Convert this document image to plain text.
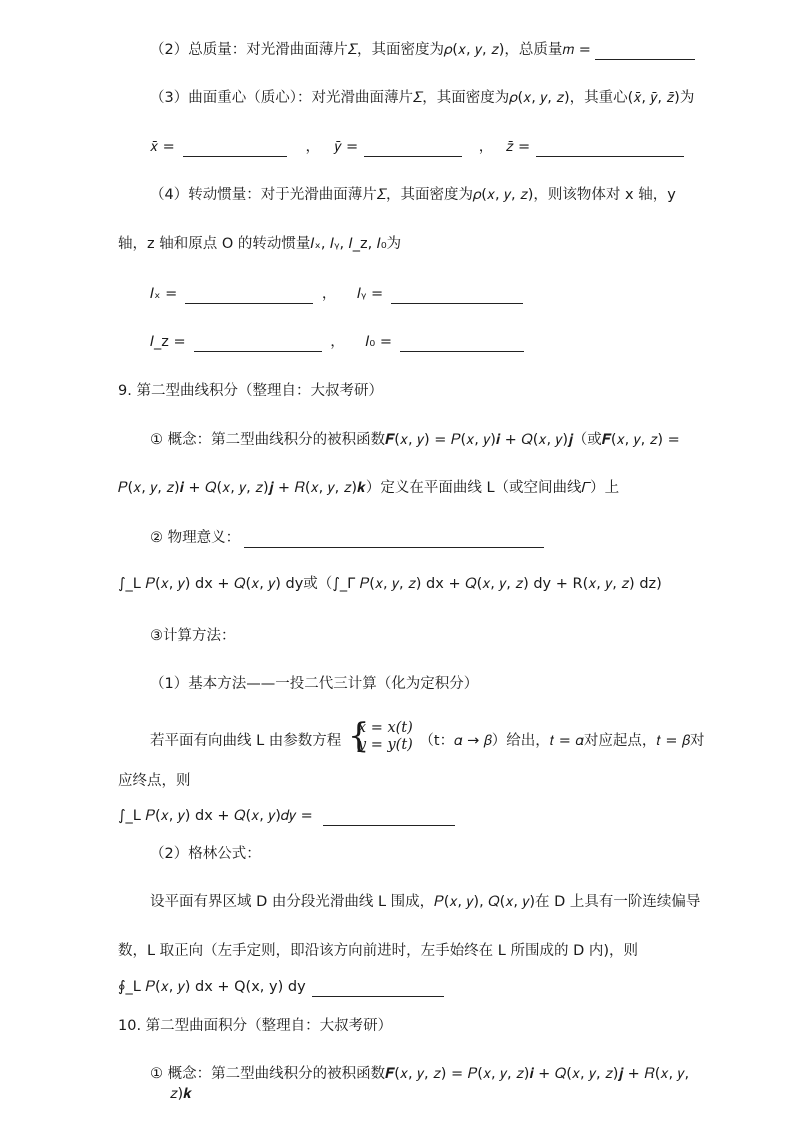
（2）总质量：对光滑曲面薄片𝛴，其面密度为𝜌(𝑥, 𝑦, 𝑧)，总质量𝑚 =
（3）曲面重心（质心）：对光滑曲面薄片𝛴，其面密度为𝜌(𝑥, 𝑦, 𝑧)，其重心(𝑥̄, 𝑦̄, 𝑧̄)为
𝑥̄ =	， 𝑦̄ =	， 𝑧̄ =
（4）转动惯量：对于光滑曲面薄片𝛴，其面密度为𝜌(𝑥, 𝑦, 𝑧)，则该物体对 x 轴，y
轴，z 轴和原点 O 的转动惯量𝐼ₓ, 𝐼ᵧ, 𝐼_z, 𝐼₀为
𝐼ₓ =	， 𝐼ᵧ =
𝐼_z =	， 𝐼₀ =
9. 第二型曲线积分（整理自：大叔考研）
① 概念：第二型曲线积分的被积函数𝑭(𝑥, 𝑦) = 𝑃(𝑥, 𝑦)𝒊 + 𝑄(𝑥, 𝑦)𝒋（或𝑭(𝑥, 𝑦, 𝑧) =
𝑃(𝑥, 𝑦, 𝑧)𝒊 + 𝑄(𝑥, 𝑦, 𝑧)𝒋 + 𝑅(𝑥, 𝑦, 𝑧)𝒌）定义在平面曲线 L（或空间曲线𝛤）上
② 物理意义：
∫_L 𝑃(𝑥, 𝑦) dx + 𝑄(𝑥, 𝑦) dy或（∫_Γ 𝑃(𝑥, 𝑦, 𝑧) dx + 𝑄(𝑥, 𝑦, 𝑧) dy + R(𝑥, 𝑦, 𝑧) dz)
③计算方法：
（1）基本方法——一投二代三计算（化为定积分）
若平面有向曲线 L 由参数方程 {
𝑥 = 𝑥(𝑡)
𝑦 = 𝑦(𝑡) （t：𝛼 → 𝛽）给出，𝑡 = 𝛼对应起点，𝑡 = 𝛽对
应终点，则
∫_L 𝑃(𝑥, 𝑦) dx + 𝑄(𝑥, 𝑦)𝑑𝑦 =
（2）格林公式：
设平面有界区域 D 由分段光滑曲线 L 围成，𝑃(𝑥, 𝑦), 𝑄(𝑥, 𝑦)在 D 上具有一阶连续偏导
数，L 取正向（左手定则，即沿该方向前进时，左手始终在 L 所围成的 D 内)，则
∮_L 𝑃(𝑥, 𝑦) dx + Q(x, y) dy
10. 第二型曲面积分（整理自：大叔考研）
① 概念：第二型曲线积分的被积函数𝑭(𝑥, 𝑦, 𝑧) = 𝑃(𝑥, 𝑦, 𝑧)𝒊 + 𝑄(𝑥, 𝑦, 𝑧)𝒋 + 𝑅(𝑥, 𝑦,
𝑧)𝒌
